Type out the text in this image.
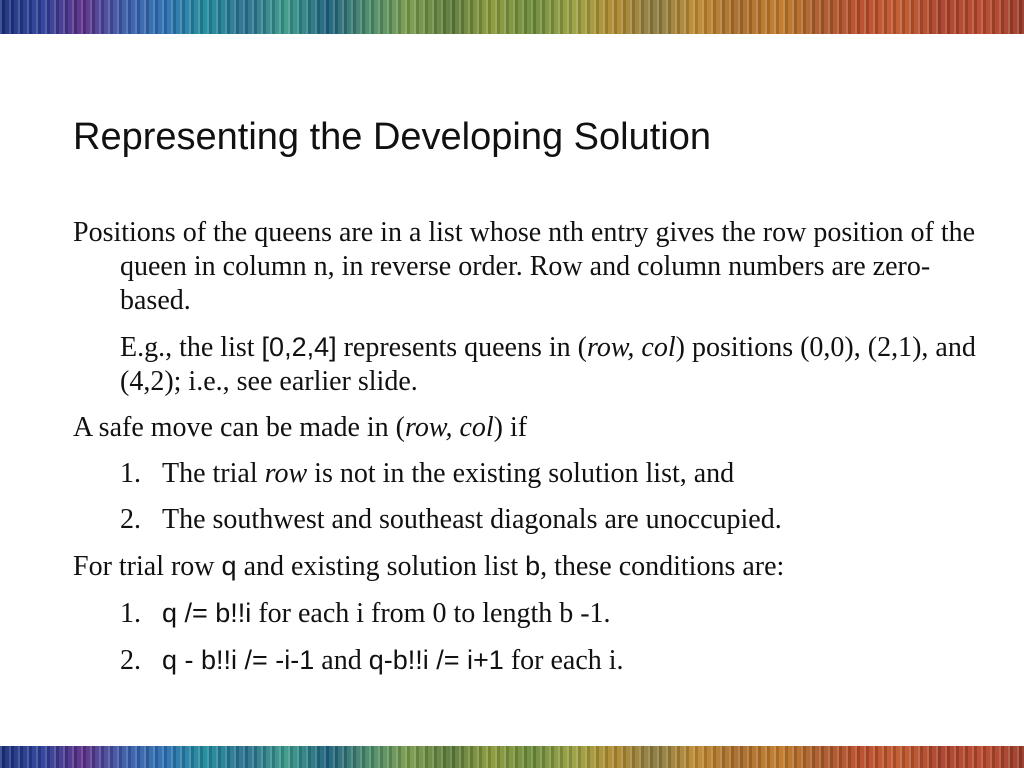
Representing the Developing Solution

Positions of the queens are in a list whose nth entry gives the row position of the queen in column n, in reverse order. Row and column numbers are zero-based.

E.g., the list [0,2,4] represents queens in (row, col) positions (0,0), (2,1), and (4,2); i.e., see earlier slide.

A safe move can be made in (row, col) if

1. The trial row is not in the existing solution list, and

2. The southwest and southeast diagonals are unoccupied.

For trial row q and existing solution list b, these conditions are:

1. q /= b!!i for each i from 0 to length b -1.

2. q - b!!i /= -i-1 and q-b!!i /= i+1 for each i.
